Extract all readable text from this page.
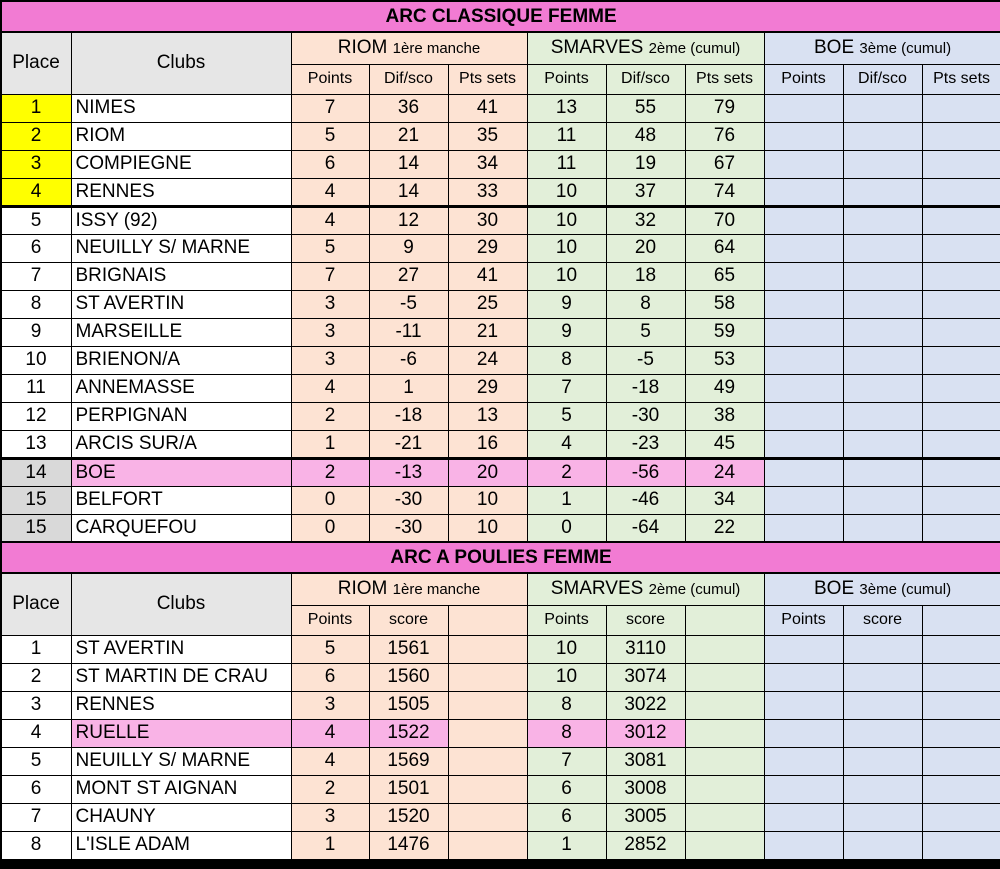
ARC CLASSIQUE FEMME										
Place	Clubs	RIOM 1ère manche			SMARVES 2ème (cumul)			BOE 3ème (cumul)		
		Points	Dif/sco	Pts sets	Points	Dif/sco	Pts sets	Points	Dif/sco	Pts sets
1	NIMES	7	36	41	13	55	79			
2	RIOM	5	21	35	11	48	76			
3	COMPIEGNE	6	14	34	11	19	67			
4	RENNES	4	14	33	10	37	74			
5	ISSY (92)	4	12	30	10	32	70			
6	NEUILLY S/ MARNE	5	9	29	10	20	64			
7	BRIGNAIS	7	27	41	10	18	65			
8	ST AVERTIN	3	-5	25	9	8	58			
9	MARSEILLE	3	-11	21	9	5	59			
10	BRIENON/A	3	-6	24	8	-5	53			
11	ANNEMASSE	4	1	29	7	-18	49			
12	PERPIGNAN	2	-18	13	5	-30	38			
13	ARCIS SUR/A	1	-21	16	4	-23	45			
14	BOE	2	-13	20	2	-56	24			
15	BELFORT	0	-30	10	1	-46	34			
15	CARQUEFOU	0	-30	10	0	-64	22			
ARC A POULIES FEMME										
Place	Clubs	RIOM 1ère manche			SMARVES 2ème (cumul)			BOE 3ème (cumul)		
		Points	score		Points	score		Points	score	
1	ST AVERTIN	5	1561		10	3110				
2	ST MARTIN DE CRAU	6	1560		10	3074				
3	RENNES	3	1505		8	3022				
4	RUELLE	4	1522		8	3012				
5	NEUILLY S/ MARNE	4	1569		7	3081				
6	MONT ST AIGNAN	2	1501		6	3008				
7	CHAUNY	3	1520		6	3005				
8	L'ISLE ADAM	1	1476		1	2852				
